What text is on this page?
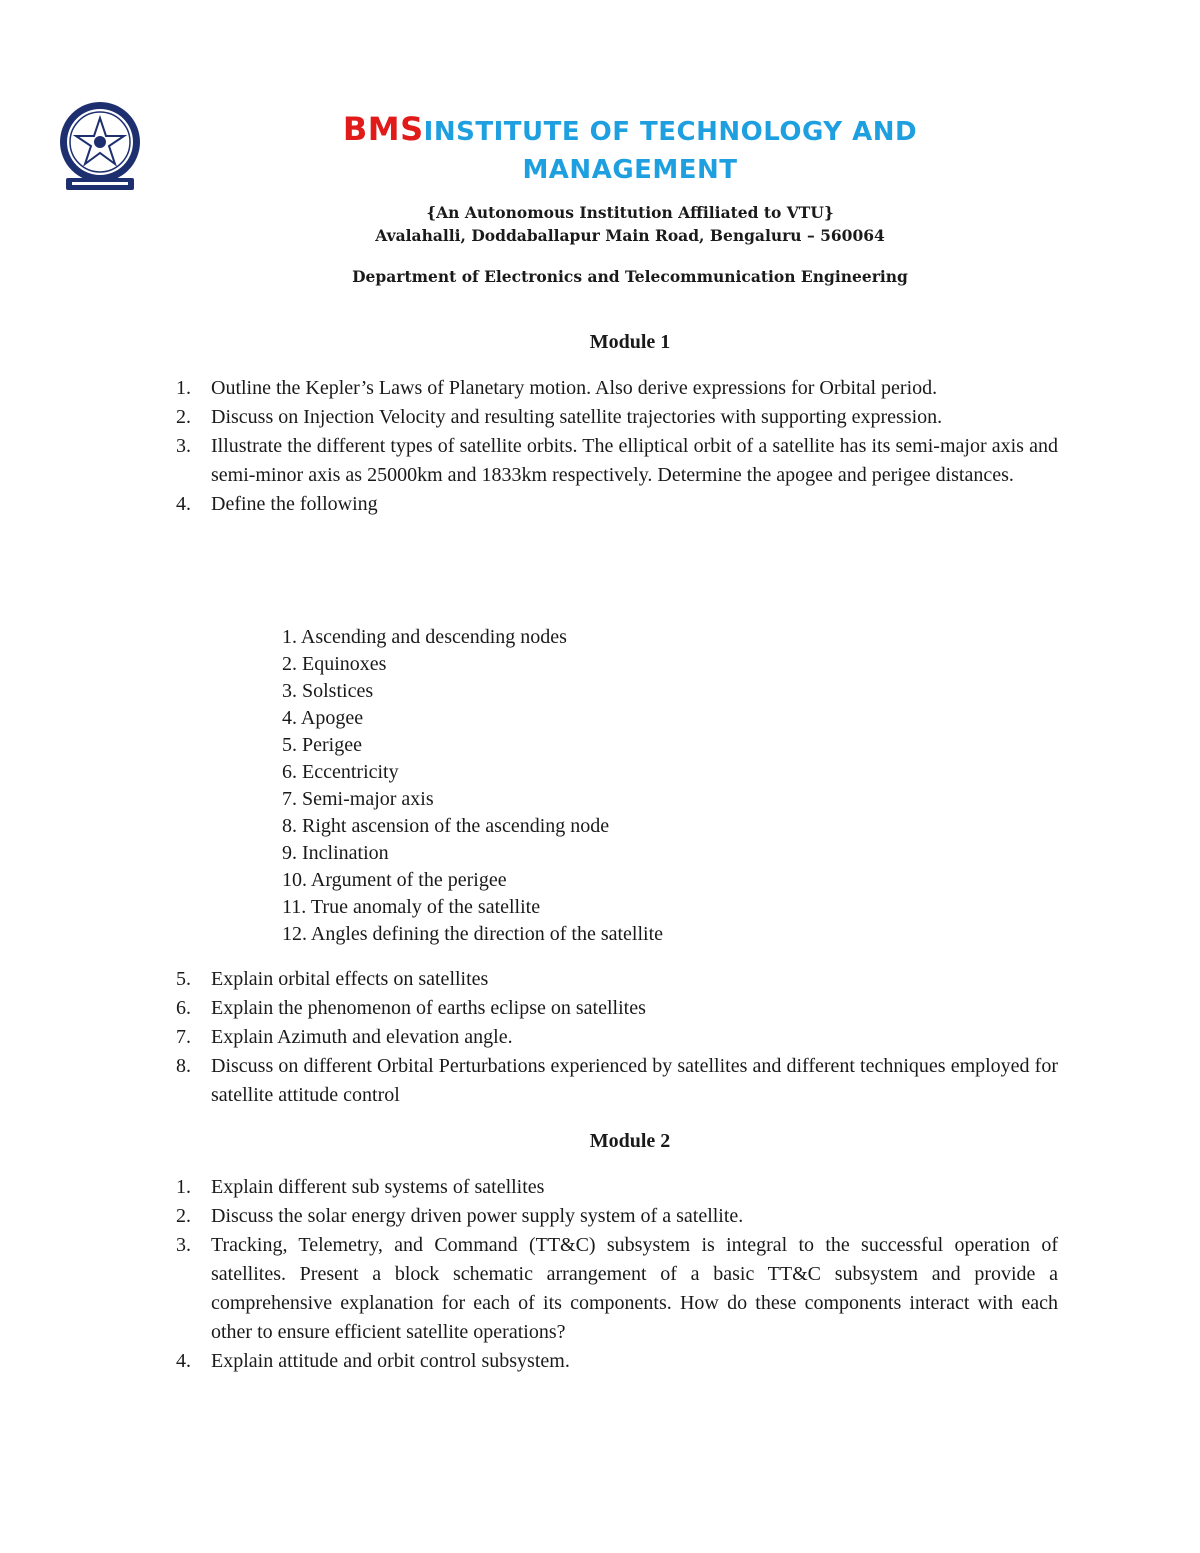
BMSINSTITUTE OF TECHNOLOGY AND
MANAGEMENT
{An Autonomous Institution Affiliated to VTU}
Avalahalli, Doddaballapur Main Road, Bengaluru – 560064
Department of Electronics and Telecommunication Engineering
Module 1
1. Outline the Kepler’s Laws of Planetary motion. Also derive expressions for Orbital period.
2. Discuss on Injection Velocity and resulting satellite trajectories with supporting expression.
3. Illustrate the different types of satellite orbits. The elliptical orbit of a satellite has its semi-major axis and semi-minor axis as 25000km and 1833km respectively. Determine the apogee and perigee distances.
4. Define the following
1. Ascending and descending nodes
2. Equinoxes
3. Solstices
4. Apogee
5. Perigee
6. Eccentricity
7. Semi-major axis
8. Right ascension of the ascending node
9. Inclination
10. Argument of the perigee
11. True anomaly of the satellite
12. Angles defining the direction of the satellite
5. Explain orbital effects on satellites
6. Explain the phenomenon of earths eclipse on satellites
7. Explain Azimuth and elevation angle.
8. Discuss on different Orbital Perturbations experienced by satellites and different techniques employed for satellite attitude control
Module 2
1. Explain different sub systems of satellites
2. Discuss the solar energy driven power supply system of a satellite.
3. Tracking, Telemetry, and Command (TT&C) subsystem is integral to the successful operation of satellites. Present a block schematic arrangement of a basic TT&C subsystem and provide a comprehensive explanation for each of its components. How do these components interact with each other to ensure efficient satellite operations?
4. Explain attitude and orbit control subsystem.
